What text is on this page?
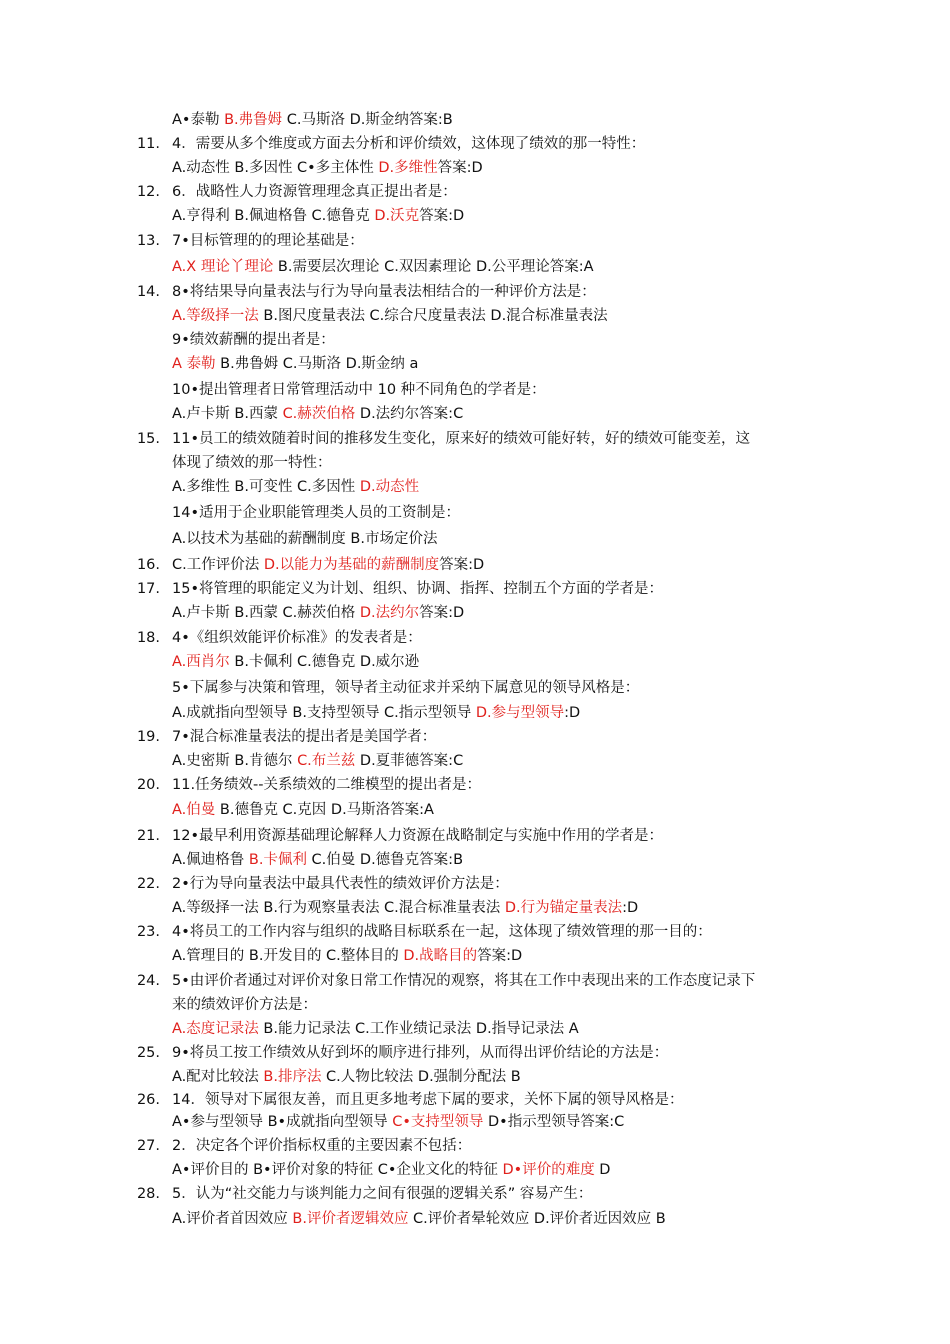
A•泰勒 B.弗鲁姆 C.马斯洛 D.斯金纳答案:B
11. 4．需要从多个维度或方面去分析和评价绩效，这体现了绩效的那一特性：
A.动态性 B.多因性 C•多主体性 D.多维性答案:D
12. 6．战略性人力资源管理理念真正提出者是：
A.亨得利 B.佩迪格鲁 C.德鲁克 D.沃克答案:D
13. 7•目标管理的的理论基础是：
A.X 理论丫理论 B.需要层次理论 C.双因素理论 D.公平理论答案:A
14. 8•将结果导向量表法与行为导向量表法相结合的一种评价方法是：
A.等级择一法 B.图尺度量表法 C.综合尺度量表法 D.混合标准量表法
9•绩效薪酬的提出者是：
A 泰勒 B.弗鲁姆 C.马斯洛 D.斯金纳 a
10•提出管理者日常管理活动中 10 种不同角色的学者是：
A.卢卡斯 B.西蒙 C.赫茨伯格 D.法约尔答案:C
15. 11•员工的绩效随着时间的推移发生变化，原来好的绩效可能好转，好的绩效可能变差，这
体现了绩效的那一特性：
A.多维性 B.可变性 C.多因性 D.动态性
14•适用于企业职能管理类人员的工资制是：
A.以技术为基础的薪酬制度 B.市场定价法
16. C.工作评价法 D.以能力为基础的薪酬制度答案:D
17. 15•将管理的职能定义为计划、组织、协调、指挥、控制五个方面的学者是：
A.卢卡斯 B.西蒙 C.赫茨伯格 D.法约尔答案:D
18. 4•《组织效能评价标准》的发表者是：
A.西肖尔 B.卡佩利 C.德鲁克 D.威尔逊
5•下属参与决策和管理，领导者主动征求并采纳下属意见的领导风格是：
A.成就指向型领导 B.支持型领导 C.指示型领导 D.参与型领导:D
19. 7•混合标准量表法的提出者是美国学者：
A.史密斯 B.肯德尔 C.布兰兹 D.夏菲德答案:C
20. 11.任务绩效--关系绩效的二维模型的提出者是：
A.伯曼 B.德鲁克 C.克因 D.马斯洛答案:A
21. 12•最早利用资源基础理论解释人力资源在战略制定与实施中作用的学者是：
A.佩迪格鲁 B.卡佩利 C.伯曼 D.德鲁克答案:B
22. 2•行为导向量表法中最具代表性的绩效评价方法是：
A.等级择一法 B.行为观察量表法 C.混合标准量表法 D.行为锚定量表法:D
23. 4•将员工的工作内容与组织的战略目标联系在一起，这体现了绩效管理的那一目的：
A.管理目的 B.开发目的 C.整体目的 D.战略目的答案:D
24. 5•由评价者通过对评价对象日常工作情况的观察，将其在工作中表现出来的工作态度记录下
来的绩效评价方法是：
A.态度记录法 B.能力记录法 C.工作业绩记录法 D.指导记录法 A
25. 9•将员工按工作绩效从好到坏的顺序进行排列，从而得出评价结论的方法是：
A.配对比较法 B.排序法 C.人物比较法 D.强制分配法 B
26. 14．领导对下属很友善，而且更多地考虑下属的要求，关怀下属的领导风格是：
A•参与型领导 B•成就指向型领导 C•支持型领导 D•指示型领导答案:C
27. 2．决定各个评价指标权重的主要因素不包括：
A•评价目的 B•评价对象的特征 C•企业文化的特征 D•评价的难度 D
28. 5．认为“社交能力与谈判能力之间有很强的逻辑关系” 容易产生：
A.评价者首因效应 B.评价者逻辑效应 C.评价者晕轮效应 D.评价者近因效应 B
